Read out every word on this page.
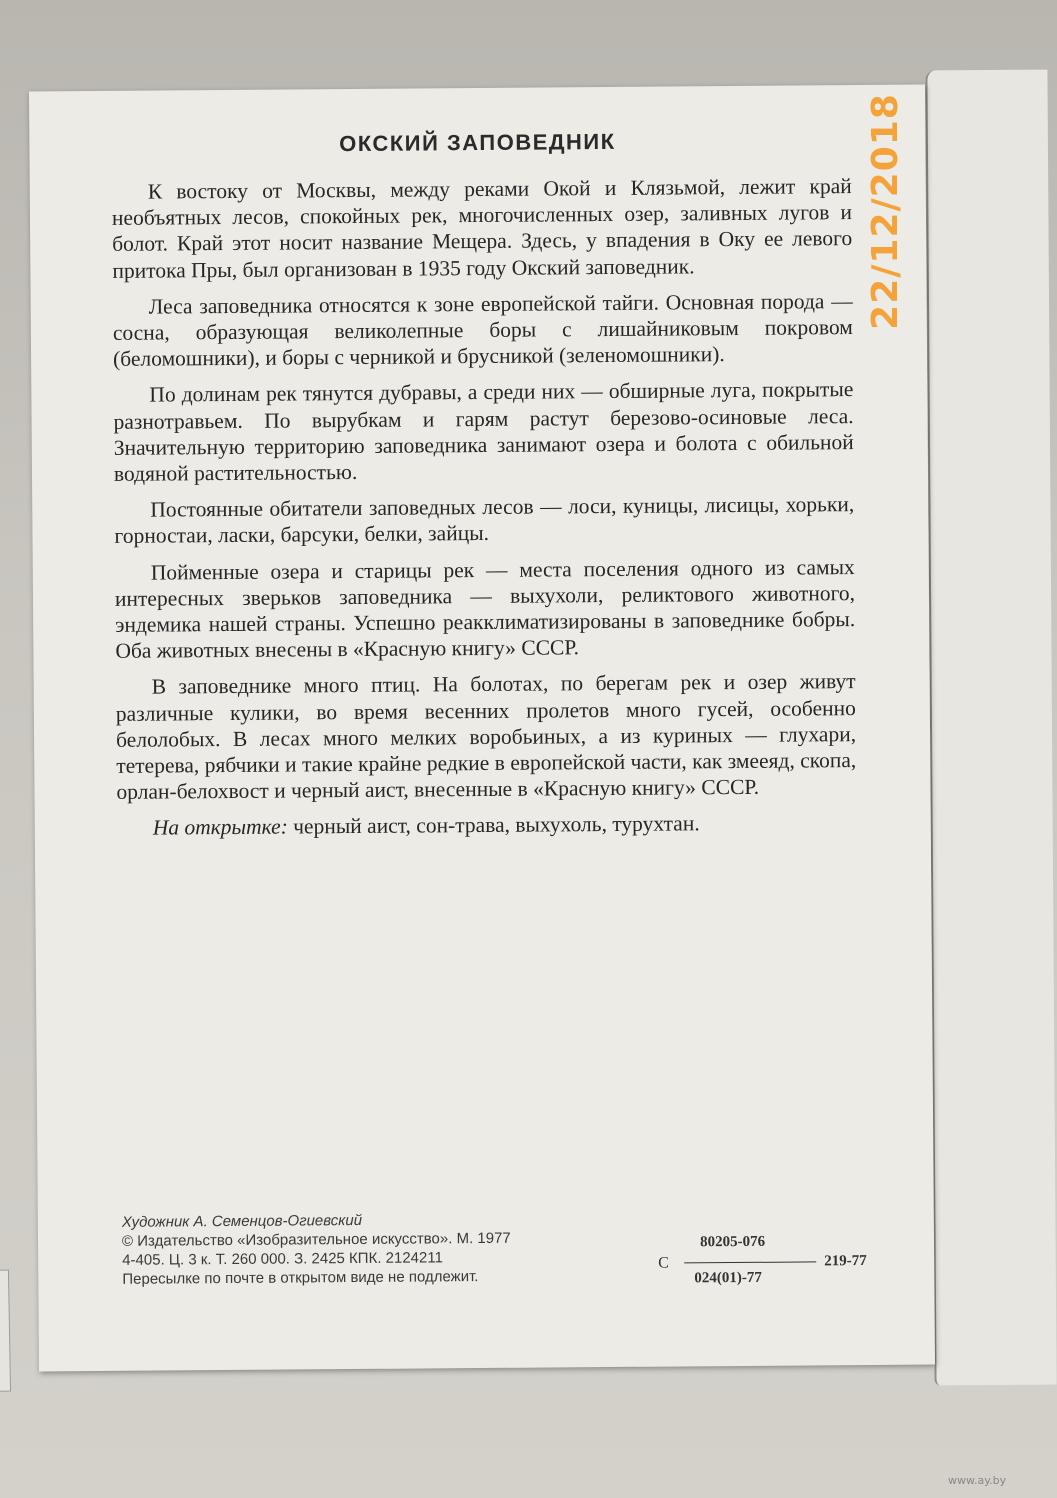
ОКСКИЙ ЗАПОВЕДНИК

К востоку от Москвы, между реками Окой и Клязьмой, лежит край необъятных лесов, спокойных рек, многочисленных озер, заливных лугов и болот. Край этот носит название Мещера. Здесь, у впадения в Оку ее левого притока Пры, был организован в 1935 году Окский заповедник.

Леса заповедника относятся к зоне европейской тайги. Основная порода — сосна, образующая великолепные боры с лишайниковым покровом (беломошники), и боры с черникой и брусникой (зеленомошники).

По долинам рек тянутся дубравы, а среди них — обширные луга, покрытые разнотравьем. По вырубкам и гарям растут березово-осиновые леса. Значительную территорию заповедника занимают озера и болота с обильной водяной растительностью.

Постоянные обитатели заповедных лесов — лоси, куницы, лисицы, хорьки, горностаи, ласки, барсуки, белки, зайцы.

Пойменные озера и старицы рек — места поселения одного из самых интересных зверьков заповедника — выхухоли, реликтового животного, эндемика нашей страны. Успешно реакклиматизированы в заповеднике бобры. Оба животных внесены в «Красную книгу» СССР.

В заповеднике много птиц. На болотах, по берегам рек и озер живут различные кулики, во время весенних пролетов много гусей, особенно белолобых. В лесах много мелких воробьиных, а из куриных — глухари, тетерева, рябчики и такие крайне редкие в европейской части, как змееяд, скопа, орлан-белохвост и черный аист, внесенные в «Красную книгу» СССР.

На открытке: черный аист, сон-трава, выхухоль, турухтан.

Художник А. Семенцов-Огиевский
© Издательство «Изобразительное искусство». М. 1977
4-405. Ц. 3 к. Т. 260 000. З. 2425 КПК. 2124211
Пересылке по почте в открытом виде не подлежит.
С
80205-076
024(01)-77
219-77
22/12/2018
www.ay.by
